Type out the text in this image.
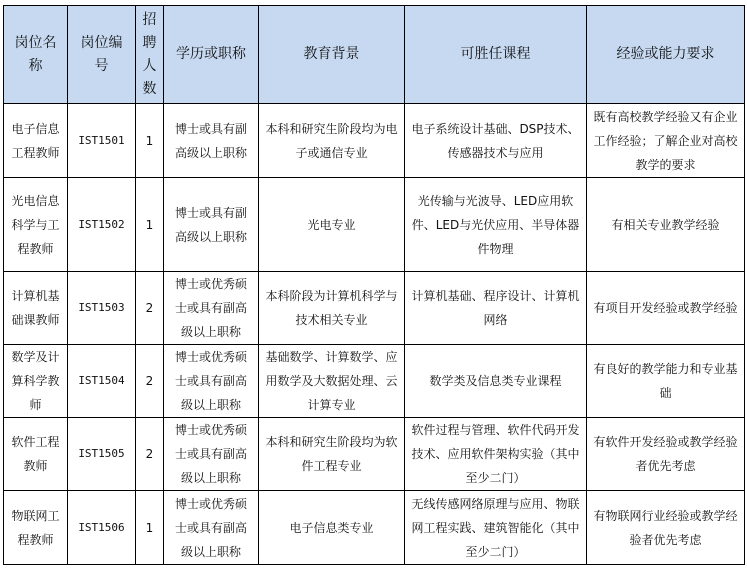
岗位名称	岗位编号	招聘人数	学历或职称	教育背景	可胜任课程	经验或能力要求
电子信息工程教师	IST1501	1	博士或具有副高级以上职称	本科和研究生阶段均为电子或通信专业	电子系统设计基础、DSP技术、传感器技术与应用	既有高校教学经验又有企业工作经验；了解企业对高校教学的要求
光电信息科学与工程教师	IST1502	1	博士或具有副高级以上职称	光电专业	光传输与光波导、LED应用软件、LED与光伏应用、半导体器件物理	有相关专业教学经验
计算机基础课教师	IST1503	2	博士或优秀硕士或具有副高级以上职称	本科阶段为计算机科学与技术相关专业	计算机基础、程序设计、计算机网络	有项目开发经验或教学经验
数学及计算科学教师	IST1504	2	博士或优秀硕士或具有副高级以上职称	基础数学、计算数学、应用数学及大数据处理、云计算专业	数学类及信息类专业课程	有良好的教学能力和专业基础
软件工程教师	IST1505	2	博士或优秀硕士或具有副高级以上职称	本科和研究生阶段均为软件工程专业	软件过程与管理、软件代码开发技术、应用软件架构实验（其中至少二门）	有软件开发经验或教学经验者优先考虑
物联网工程教师	IST1506	1	博士或优秀硕士或具有副高级以上职称	电子信息类专业	无线传感网络原理与应用、物联网工程实践、建筑智能化（其中至少二门）	有物联网行业经验或教学经验者优先考虑
